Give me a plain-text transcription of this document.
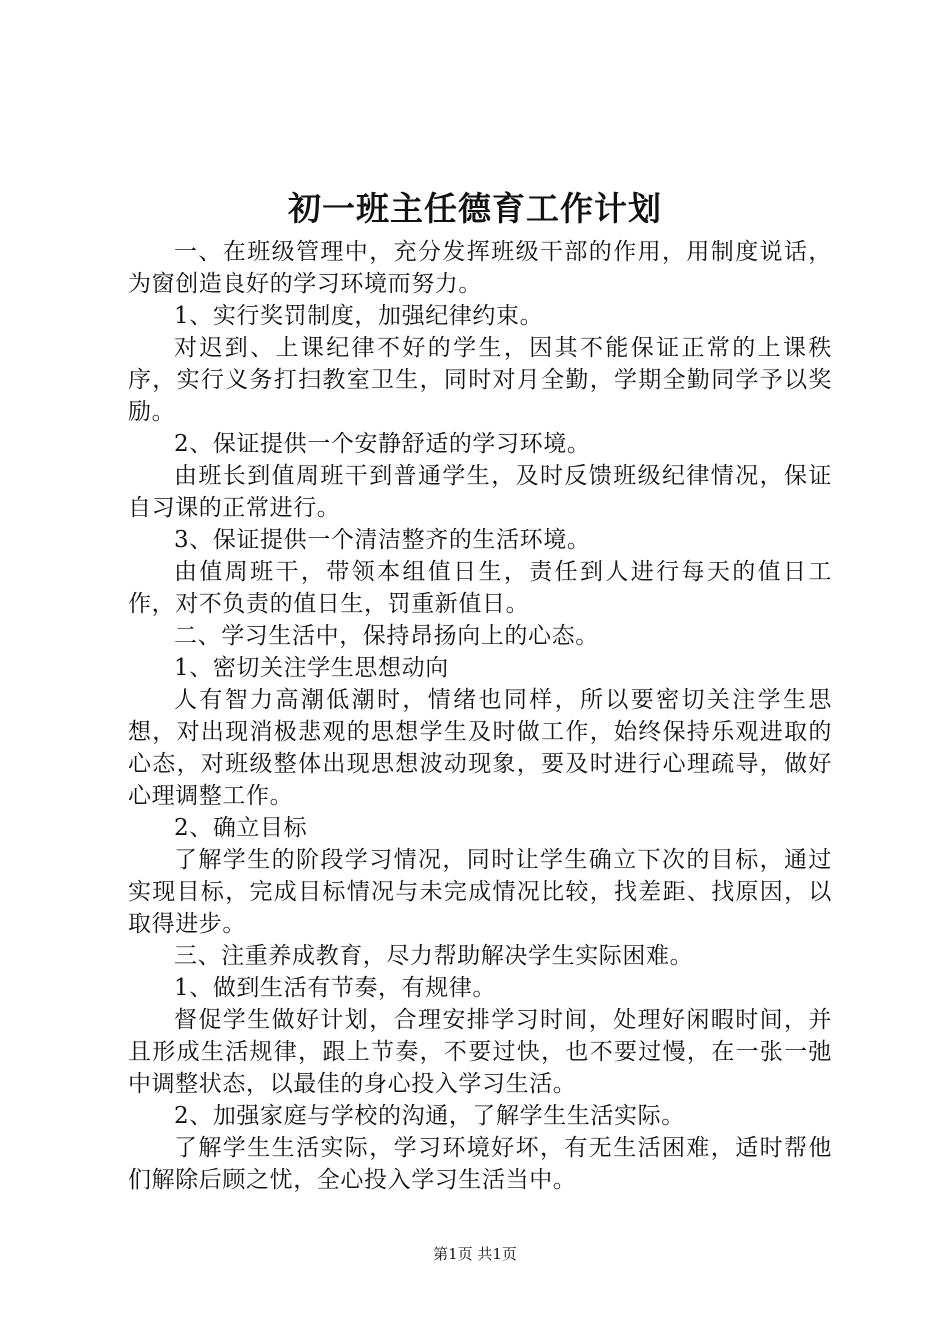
初一班主任德育工作计划

一、在班级管理中，充分发挥班级干部的作用，用制度说话，为窗创造良好的学习环境而努力。

1、实行奖罚制度，加强纪律约束。

对迟到、上课纪律不好的学生，因其不能保证正常的上课秩序，实行义务打扫教室卫生，同时对月全勤，学期全勤同学予以奖励。

2、保证提供一个安静舒适的学习环境。

由班长到值周班干到普通学生，及时反馈班级纪律情况，保证自习课的正常进行。

3、保证提供一个清洁整齐的生活环境。

由值周班干，带领本组值日生，责任到人进行每天的值日工作，对不负责的值日生，罚重新值日。

二、学习生活中，保持昂扬向上的心态。

1、密切关注学生思想动向

人有智力高潮低潮时，情绪也同样，所以要密切关注学生思想，对出现消极悲观的思想学生及时做工作，始终保持乐观进取的心态，对班级整体出现思想波动现象，要及时进行心理疏导，做好心理调整工作。

2、确立目标

了解学生的阶段学习情况，同时让学生确立下次的目标，通过实现目标，完成目标情况与未完成情况比较，找差距、找原因，以取得进步。

三、注重养成教育，尽力帮助解决学生实际困难。

1、做到生活有节奏，有规律。

督促学生做好计划，合理安排学习时间，处理好闲暇时间，并且形成生活规律，跟上节奏，不要过快，也不要过慢，在一张一弛中调整状态，以最佳的身心投入学习生活。

2、加强家庭与学校的沟通，了解学生生活实际。

了解学生生活实际，学习环境好坏，有无生活困难，适时帮他们解除后顾之忧，全心投入学习生活当中。

第1页 共1页
